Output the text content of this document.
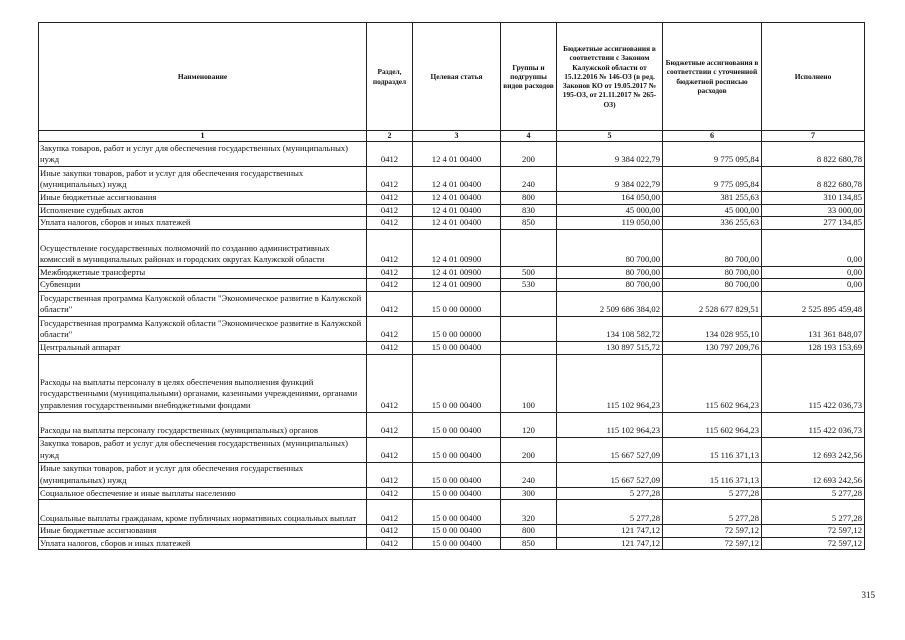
Наименование	Раздел, подраздел	Целевая статья	Группы и подгруппы видов расходов	Бюджетные ассигнования в соответствии с Законом Калужской области от 15.12.2016 № 146-ОЗ (в ред. Законов КО от 19.05.2017 № 195-ОЗ, от 21.11.2017 № 265-ОЗ)	Бюджетные ассигнования в соответствии с уточненной бюджетной росписью расходов	Исполнено
1	2	3	4	5	6	7
Закупка товаров, работ и услуг для обеспечения государственных (муниципальных) нужд	0412	12 4 01 00400	200	9 384 022,79	9 775 095,84	8 822 680,78
Иные закупки товаров, работ и услуг для обеспечения государственных (муниципальных) нужд	0412	12 4 01 00400	240	9 384 022,79	9 775 095,84	8 822 680,78
Иные бюджетные ассигнования	0412	12 4 01 00400	800	164 050,00	381 255,63	310 134,85
Исполнение судебных актов	0412	12 4 01 00400	830	45 000,00	45 000,00	33 000,00
Уплата налогов, сборов и иных платежей	0412	12 4 01 00400	850	119 050,00	336 255,63	277 134,85
Осуществление государственных полномочий по созданию административных комиссий в муниципальных районах и городских округах Калужской области	0412	12 4 01 00900		80 700,00	80 700,00	0,00
Межбюджетные трансферты	0412	12 4 01 00900	500	80 700,00	80 700,00	0,00
Субвенции	0412	12 4 01 00900	530	80 700,00	80 700,00	0,00
Государственная программа Калужской области "Экономическое развитие в Калужской области"	0412	15 0 00 00000		2 509 686 384,02	2 528 677 829,51	2 525 895 459,48
Государственная программа Калужской области "Экономическое развитие в Калужской области"	0412	15 0 00 00000		134 108 582,72	134 028 955,10	131 361 848,07
Центральный аппарат	0412	15 0 00 00400		130 897 515,72	130 797 209,76	128 193 153,69
Расходы на выплаты персоналу в целях обеспечения выполнения функций государственными (муниципальными) органами, казенными учреждениями, органами управления государственными внебюджетными фондами	0412	15 0 00 00400	100	115 102 964,23	115 602 964,23	115 422 036,73
Расходы на выплаты персоналу государственных (муниципальных) органов	0412	15 0 00 00400	120	115 102 964,23	115 602 964,23	115 422 036,73
Закупка товаров, работ и услуг для обеспечения государственных (муниципальных) нужд	0412	15 0 00 00400	200	15 667 527,09	15 116 371,13	12 693 242,56
Иные закупки товаров, работ и услуг для обеспечения государственных (муниципальных) нужд	0412	15 0 00 00400	240	15 667 527,09	15 116 371,13	12 693 242,56
Социальное обеспечение и иные выплаты населению	0412	15 0 00 00400	300	5 277,28	5 277,28	5 277,28
Социальные выплаты гражданам, кроме публичных нормативных социальных выплат	0412	15 0 00 00400	320	5 277,28	5 277,28	5 277,28
Иные бюджетные ассигнования	0412	15 0 00 00400	800	121 747,12	72 597,12	72 597,12
Уплата налогов, сборов и иных платежей	0412	15 0 00 00400	850	121 747,12	72 597,12	72 597,12
315
